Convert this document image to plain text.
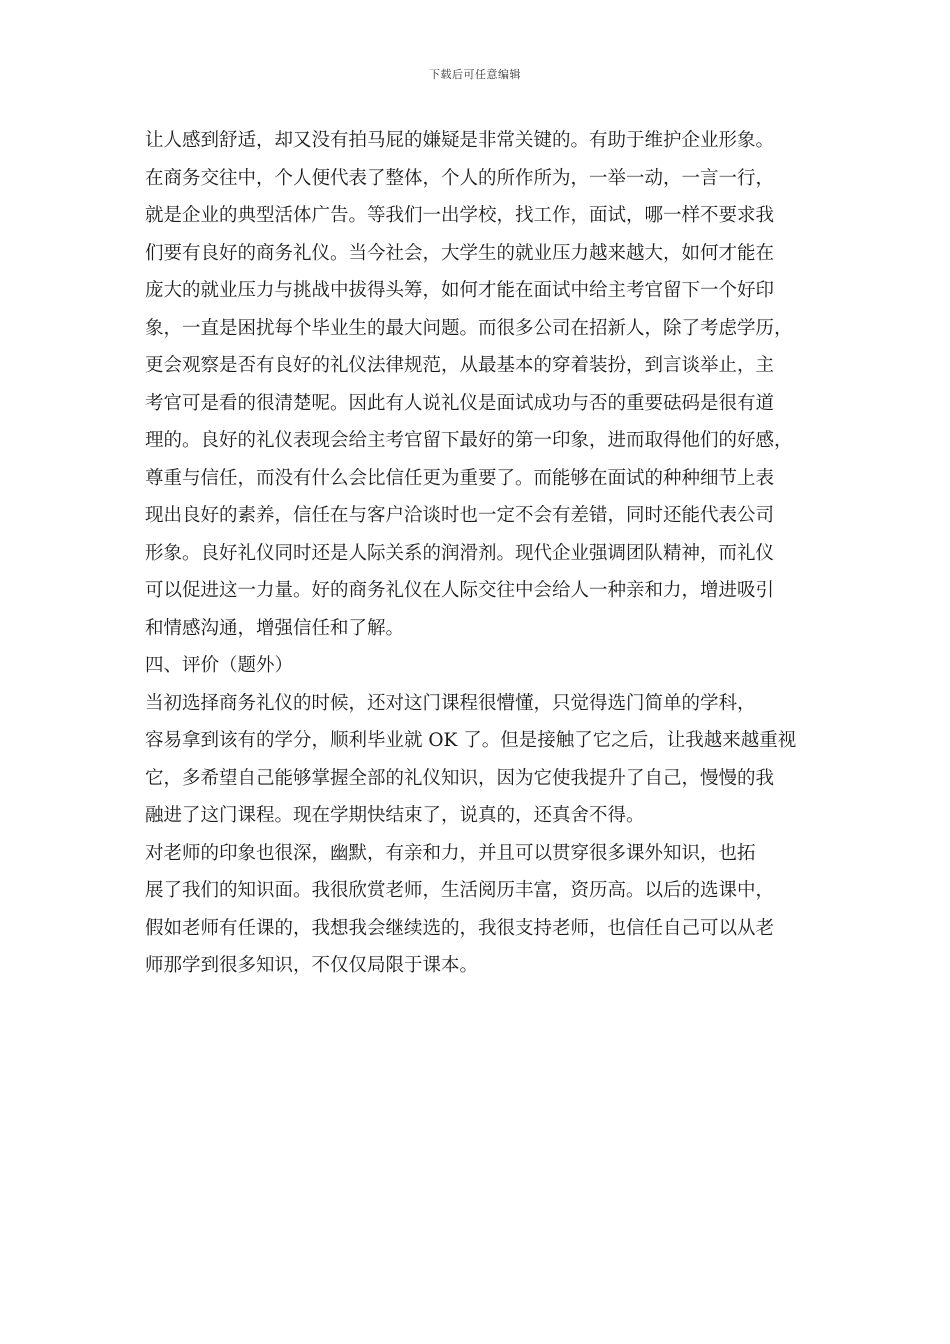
下载后可任意编辑
让人感到舒适，却又没有拍马屁的嫌疑是非常关键的。有助于维护企业形象。
在商务交往中，个人便代表了整体，个人的所作所为，一举一动，一言一行，
就是企业的典型活体广告。等我们一出学校，找工作，面试，哪一样不要求我
们要有良好的商务礼仪。当今社会，大学生的就业压力越来越大，如何才能在
庞大的就业压力与挑战中拔得头筹，如何才能在面试中给主考官留下一个好印
象，一直是困扰每个毕业生的最大问题。而很多公司在招新人，除了考虑学历，
更会观察是否有良好的礼仪法律规范，从最基本的穿着装扮，到言谈举止，主
考官可是看的很清楚呢。因此有人说礼仪是面试成功与否的重要砝码是很有道
理的。良好的礼仪表现会给主考官留下最好的第一印象，进而取得他们的好感，
尊重与信任，而没有什么会比信任更为重要了。而能够在面试的种种细节上表
现出良好的素养，信任在与客户洽谈时也一定不会有差错，同时还能代表公司
形象。良好礼仪同时还是人际关系的润滑剂。现代企业强调团队精神，而礼仪
可以促进这一力量。好的商务礼仪在人际交往中会给人一种亲和力，增进吸引
和情感沟通，增强信任和了解。
四、评价（题外）
当初选择商务礼仪的时候，还对这门课程很懵懂，只觉得选门简单的学科，
容易拿到该有的学分，顺利毕业就 OK 了。但是接触了它之后，让我越来越重视
它，多希望自己能够掌握全部的礼仪知识，因为它使我提升了自己，慢慢的我
融进了这门课程。现在学期快结束了，说真的，还真舍不得。
对老师的印象也很深，幽默，有亲和力，并且可以贯穿很多课外知识，也拓
展了我们的知识面。我很欣赏老师，生活阅历丰富，资历高。以后的选课中，
假如老师有任课的，我想我会继续选的，我很支持老师，也信任自己可以从老
师那学到很多知识，不仅仅局限于课本。
